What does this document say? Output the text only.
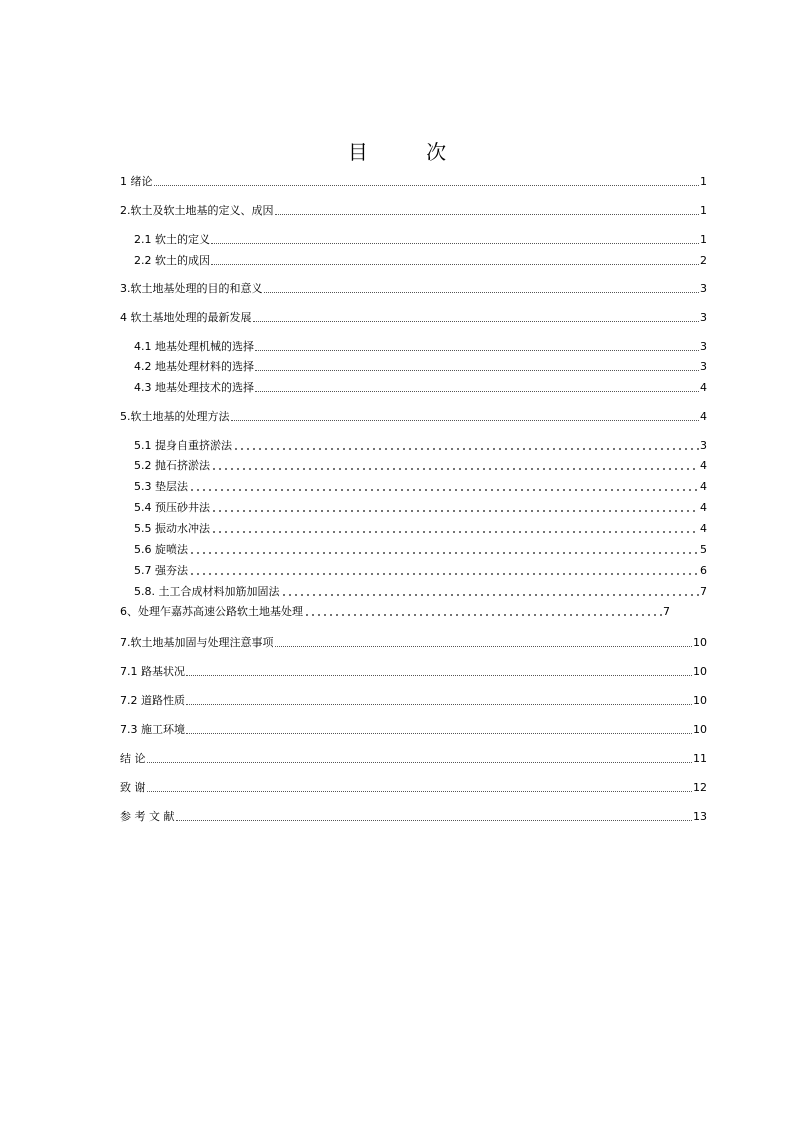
目 次
1 绪论	1
2.软土及软土地基的定义、成因	1
2.1 软土的定义	1
2.2 软土的成因	2
3.软土地基处理的目的和意义	3
4 软土基地处理的最新发展	3
4.1 地基处理机械的选择	3
4.2 地基处理材料的选择	3
4.3 地基处理技术的选择	4
5.软土地基的处理方法	4
5.1 提身自重挤淤法	3
5.2 抛石挤淤法	4
5.3 垫层法	4
5.4 预压砂井法	4
5.5 振动水冲法	4
5.6 旋喷法	5
5.7 强夯法	6
5.8. 土工合成材料加筋加固法	7
6、处理乍嘉苏高速公路软土地基处理	7
7.软土地基加固与处理注意事项	10
7.1 路基状况	10
7.2 道路性质	10
7.3 施工环境	10
结 论	11
致 谢	12
参 考 文 献	13
